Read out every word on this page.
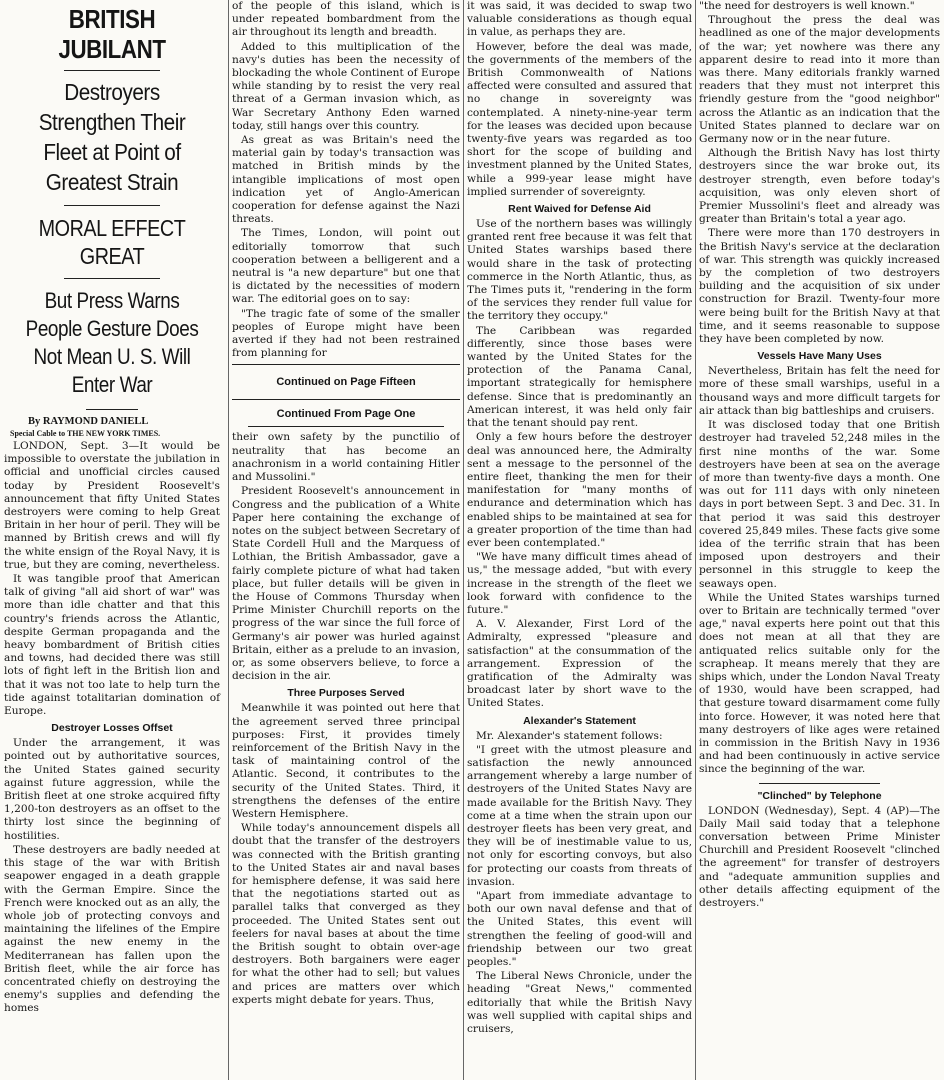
BRITISH JUBILANT
Destroyers Strengthen Their Fleet at Point of Greatest Strain
MORAL EFFECT GREAT
But Press Warns People Gesture Does Not Mean U. S. Will Enter War
By RAYMOND DANIELL
Special Cable to THE NEW YORK TIMES.

LONDON, Sept. 3—It would be impossible to overstate the jubilation in official and unofficial circles caused today by President Roosevelt's announcement that fifty United States destroyers were coming to help Great Britain in her hour of peril. They will be manned by British crews and will fly the white ensign of the Royal Navy, it is true, but they are coming, nevertheless.

It was tangible proof that American talk of giving "all aid short of war" was more than idle chatter and that this country's friends across the Atlantic, despite German propaganda and the heavy bombardment of British cities and towns, had decided there was still lots of fight left in the British lion and that it was not too late to help turn the tide against totalitarian domination of Europe.

Destroyer Losses Offset

Under the arrangement, it was pointed out by authoritative sources, the United States gained security against future aggression, while the British fleet at one stroke acquired fifty 1,200-ton destroyers as an offset to the thirty lost since the beginning of hostilities.

These destroyers are badly needed at this stage of the war with British seapower engaged in a death grapple with the German Empire. Since the French were knocked out as an ally, the whole job of protecting convoys and maintaining the lifelines of the Empire against the new enemy in the Mediterranean has fallen upon the British fleet, while the air force has concentrated chiefly on destroying the enemy's supplies and defending the homes

of the people of this island, which is under repeated bombardment from the air throughout its length and breadth.

Added to this multiplication of the navy's duties has been the necessity of blockading the whole Continent of Europe while standing by to resist the very real threat of a German invasion which, as War Secretary Anthony Eden warned today, still hangs over this country.

As great as was Britain's need the material gain by today's transaction was matched in British minds by the intangible implications of most open indication yet of Anglo-American cooperation for defense against the Nazi threats.

The Times, London, will point out editorially tomorrow that such cooperation between a belligerent and a neutral is "a new departure" but one that is dictated by the necessities of modern war. The editorial goes on to say:

"The tragic fate of some of the smaller peoples of Europe might have been averted if they had not been restrained from planning for

Continued on Page Fifteen
Continued From Page One

their own safety by the punctilio of neutrality that has become an anachronism in a world containing Hitler and Mussolini."

President Roosevelt's announcement in Congress and the publication of a White Paper here containing the exchange of notes on the subject between Secretary of State Cordell Hull and the Marquess of Lothian, the British Ambassador, gave a fairly complete picture of what had taken place, but fuller details will be given in the House of Commons Thursday when Prime Minister Churchill reports on the progress of the war since the full force of Germany's air power was hurled against Britain, either as a prelude to an invasion, or, as some observers believe, to force a decision in the air.

Three Purposes Served

Meanwhile it was pointed out here that the agreement served three principal purposes: First, it provides timely reinforcement of the British Navy in the task of maintaining control of the Atlantic. Second, it contributes to the security of the United States. Third, it strengthens the defenses of the entire Western Hemisphere.

While today's announcement dispels all doubt that the transfer of the destroyers was connected with the British granting to the United States air and naval bases for hemisphere defense, it was said here that the negotiations started out as parallel talks that converged as they proceeded. The United States sent out feelers for naval bases at about the time the British sought to obtain over-age destroyers. Both bargainers were eager for what the other had to sell; but values and prices are matters over which experts might debate for years. Thus,

it was said, it was decided to swap two valuable considerations as though equal in value, as perhaps they are.

However, before the deal was made, the governments of the members of the British Commonwealth of Nations affected were consulted and assured that no change in sovereignty was contemplated. A ninety-nine-year term for the leases was decided upon because twenty-five years was regarded as too short for the scope of building and investment planned by the United States, while a 999-year lease might have implied surrender of sovereignty.

Rent Waived for Defense Aid

Use of the northern bases was willingly granted rent free because it was felt that United States warships based there would share in the task of protecting commerce in the North Atlantic, thus, as The Times puts it, "rendering in the form of the services they render full value for the territory they occupy."

The Caribbean was regarded differently, since those bases were wanted by the United States for the protection of the Panama Canal, important strategically for hemisphere defense. Since that is predominantly an American interest, it was held only fair that the tenant should pay rent.

Only a few hours before the destroyer deal was announced here, the Admiralty sent a message to the personnel of the entire fleet, thanking the men for their manifestation for "many months of endurance and determination which has enabled ships to be maintained at sea for a greater proportion of the time than had ever been contemplated."

"We have many difficult times ahead of us," the message added, "but with every increase in the strength of the fleet we look forward with confidence to the future."

A. V. Alexander, First Lord of the Admiralty, expressed "pleasure and satisfaction" at the consummation of the arrangement. Expression of the gratification of the Admiralty was broadcast later by short wave to the United States.

Alexander's Statement

Mr. Alexander's statement follows:

"I greet with the utmost pleasure and satisfaction the newly announced arrangement whereby a large number of destroyers of the United States Navy are made available for the British Navy. They come at a time when the strain upon our destroyer fleets has been very great, and they will be of inestimable value to us, not only for escorting convoys, but also for protecting our coasts from threats of invasion.

"Apart from immediate advantage to both our own naval defense and that of the United States, this event will strengthen the feeling of good-will and friendship between our two great peoples."

The Liberal News Chronicle, under the heading "Great News," commented editorially that while the British Navy was well supplied with capital ships and cruisers,

"the need for destroyers is well known."

Throughout the press the deal was headlined as one of the major developments of the war; yet nowhere was there any apparent desire to read into it more than was there. Many editorials frankly warned readers that they must not interpret this friendly gesture from the "good neighbor" across the Atlantic as an indication that the United States planned to declare war on Germany now or in the near future.

Although the British Navy has lost thirty destroyers since the war broke out, its destroyer strength, even before today's acquisition, was only eleven short of Premier Mussolini's fleet and already was greater than Britain's total a year ago.

There were more than 170 destroyers in the British Navy's service at the declaration of war. This strength was quickly increased by the completion of two destroyers building and the acquisition of six under construction for Brazil. Twenty-four more were being built for the British Navy at that time, and it seems reasonable to suppose they have been completed by now.

Vessels Have Many Uses

Nevertheless, Britain has felt the need for more of these small warships, useful in a thousand ways and more difficult targets for air attack than big battleships and cruisers.

It was disclosed today that one British destroyer had traveled 52,248 miles in the first nine months of the war. Some destroyers have been at sea on the average of more than twenty-five days a month. One was out for 111 days with only nineteen days in port between Sept. 3 and Dec. 31. In that period it was said this destroyer covered 25,849 miles. These facts give some idea of the terrific strain that has been imposed upon destroyers and their personnel in this struggle to keep the seaways open.

While the United States warships turned over to Britain are technically termed "over age," naval experts here point out that this does not mean at all that they are antiquated relics suitable only for the scrapheap. It means merely that they are ships which, under the London Naval Treaty of 1930, would have been scrapped, had that gesture toward disarmament come fully into force. However, it was noted here that many destroyers of like ages were retained in commission in the British Navy in 1936 and had been continuously in active service since the beginning of the war.

"Clinched" by Telephone

LONDON (Wednesday), Sept. 4 (AP)—The Daily Mail said today that a telephone conversation between Prime Minister Churchill and President Roosevelt "clinched the agreement" for transfer of destroyers and "adequate ammunition supplies and other details affecting equipment of the destroyers."
